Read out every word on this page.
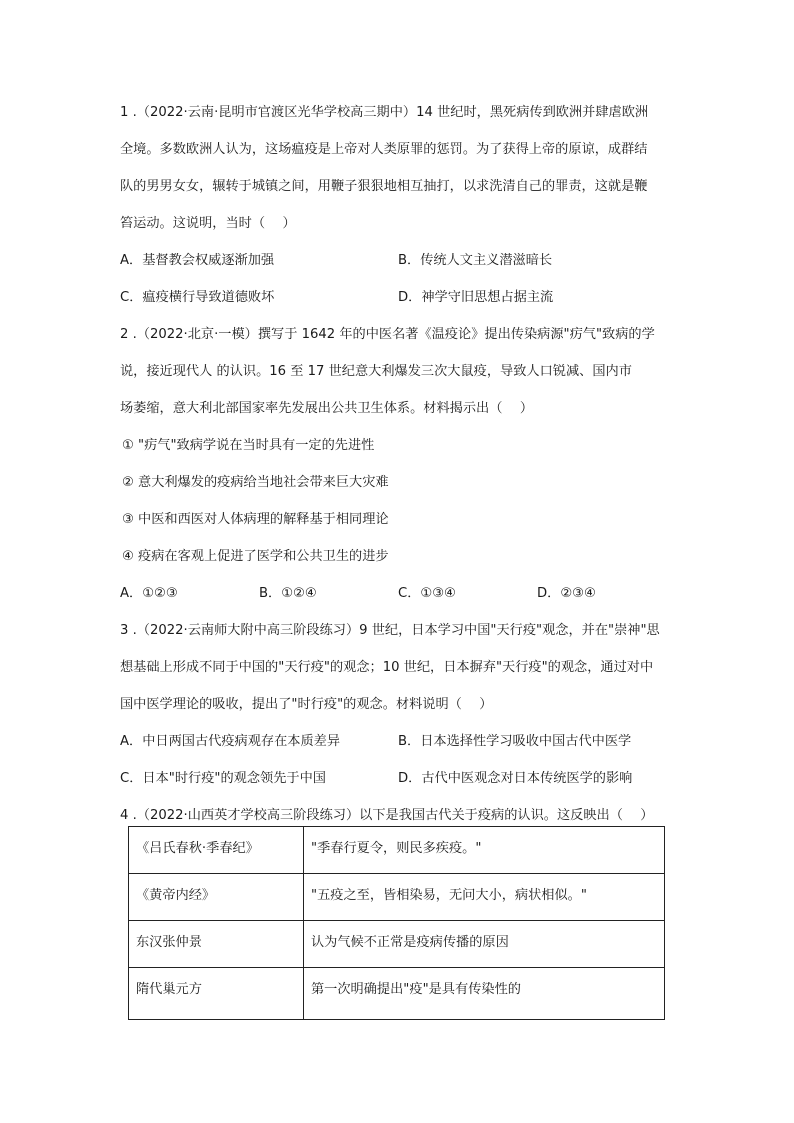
1 .（2022·云南·昆明市官渡区光华学校高三期中）14 世纪时，黑死病传到欧洲并肆虐欧洲
全境。多数欧洲人认为，这场瘟疫是上帝对人类原罪的惩罚。为了获得上帝的原谅，成群结
队的男男女女，辗转于城镇之间，用鞭子狠狠地相互抽打，以求洗清自己的罪责，这就是鞭
笞运动。这说明，当时（　 ）
A．基督教会权威逐渐加强	B．传统人文主义潜滋暗长
C．瘟疫横行导致道德败坏	D．神学守旧思想占据主流
2 .（2022·北京·一模）撰写于 1642 年的中医名著《温疫论》提出传染病源"疠气"致病的学
说，接近现代人 的认识。16 至 17 世纪意大利爆发三次大鼠疫，导致人口锐减、国内市
场萎缩，意大利北部国家率先发展出公共卫生体系。材料揭示出（　 ）
① "疠气"致病学说在当时具有一定的先进性
② 意大利爆发的疫病给当地社会带来巨大灾难
③ 中医和西医对人体病理的解释基于相同理论
④ 疫病在客观上促进了医学和公共卫生的进步
A．①②③	B．①②④	C．①③④	D．②③④
3 .（2022·云南师大附中高三阶段练习）9 世纪，日本学习中国"天行疫"观念，并在"崇神"思
想基础上形成不同于中国的"天行疫"的观念；10 世纪，日本摒弃"天行疫"的观念，通过对中
国中医学理论的吸收，提出了"时行疫"的观念。材料说明（　 ）
A．中日两国古代疫病观存在本质差异	B．日本选择性学习吸收中国古代中医学
C．日本"时行疫"的观念领先于中国	D．古代中医观念对日本传统医学的影响
4 .（2022·山西英才学校高三阶段练习）以下是我国古代关于疫病的认识。这反映出（　 ）
《吕氏春秋·季春纪》	"季春行夏令，则民多疾疫。"
《黄帝内经》	"五疫之至，皆相染易，无问大小，病状相似。"
东汉张仲景	认为气候不正常是疫病传播的原因
隋代巢元方	第一次明确提出"疫"是具有传染性的
